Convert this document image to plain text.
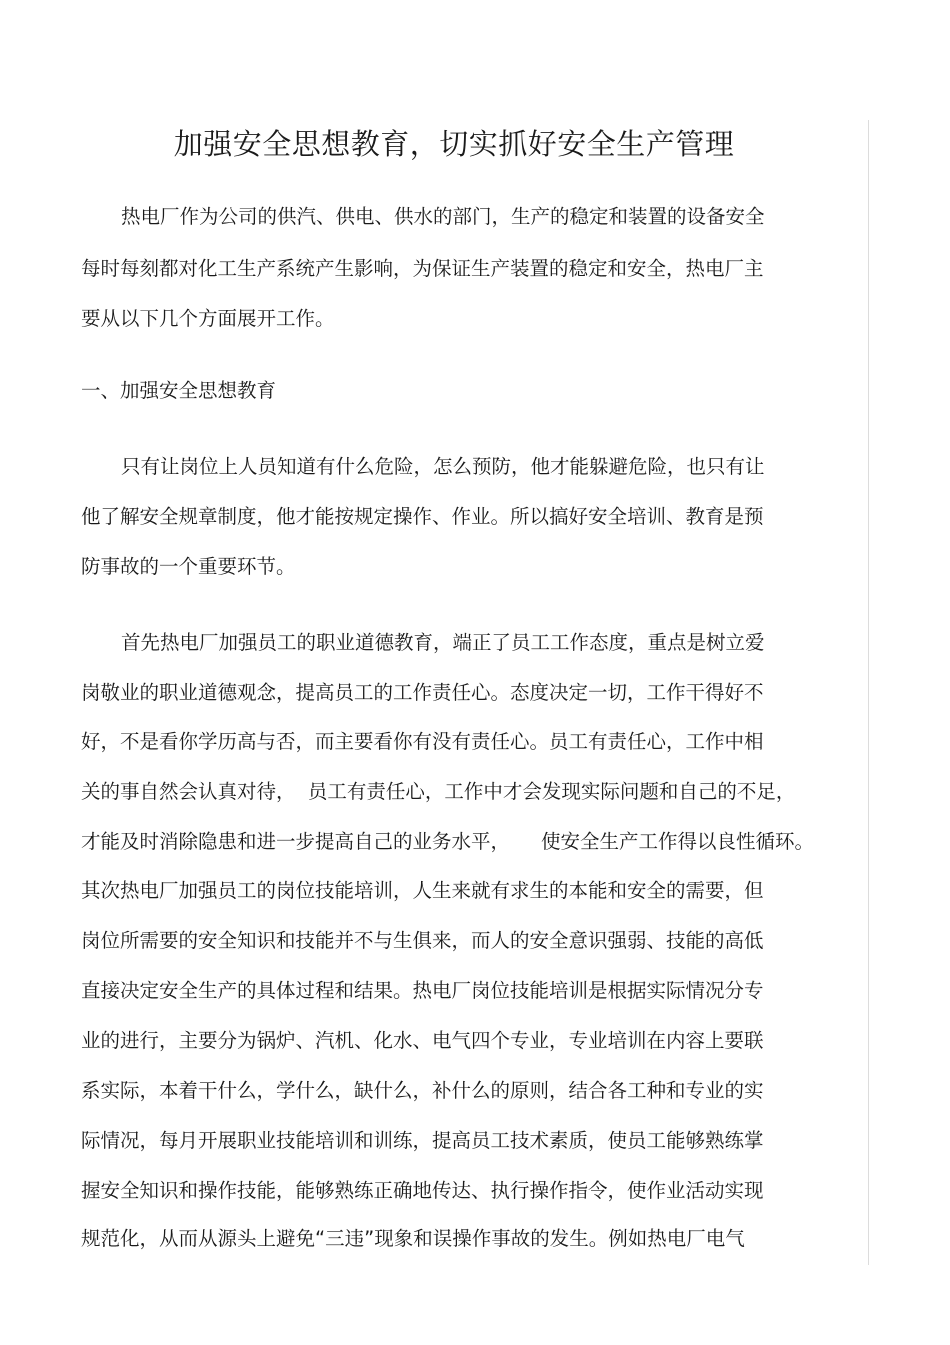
加强安全思想教育，切实抓好安全生产管理
热电厂作为公司的供汽、供电、供水的部门，生产的稳定和装置的设备安全
每时每刻都对化工生产系统产生影响，为保证生产装置的稳定和安全，热电厂主
要从以下几个方面展开工作。
一、加强安全思想教育
只有让岗位上人员知道有什么危险，怎么预防，他才能躲避危险，也只有让
他了解安全规章制度，他才能按规定操作、作业。所以搞好安全培训、教育是预
防事故的一个重要环节。
首先热电厂加强员工的职业道德教育，端正了员工工作态度，重点是树立爱
岗敬业的职业道德观念，提高员工的工作责任心。态度决定一切，工作干得好不
好，不是看你学历高与否，而主要看你有没有责任心。员工有责任心，工作中相
关的事自然会认真对待，  员工有责任心，工作中才会发现实际问题和自己的不足，
才能及时消除隐患和进一步提高自己的业务水平，     使安全生产工作得以良性循环。
其次热电厂加强员工的岗位技能培训，人生来就有求生的本能和安全的需要，但
岗位所需要的安全知识和技能并不与生俱来，而人的安全意识强弱、技能的高低
直接决定安全生产的具体过程和结果。热电厂岗位技能培训是根据实际情况分专
业的进行，主要分为锅炉、汽机、化水、电气四个专业，专业培训在内容上要联
系实际，本着干什么，学什么，缺什么，补什么的原则，结合各工种和专业的实
际情况，每月开展职业技能培训和训练，提高员工技术素质，使员工能够熟练掌
握安全知识和操作技能，能够熟练正确地传达、执行操作指令，使作业活动实现
规范化，从而从源头上避免“三违”现象和误操作事故的发生。例如热电厂电气
